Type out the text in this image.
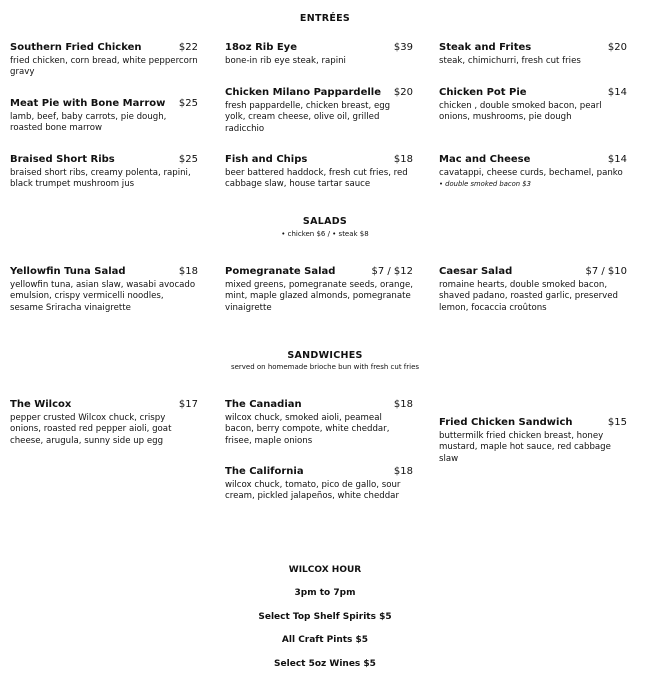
ENTRÉES
Southern Fried Chicken	$22
fried chicken, corn bread, white peppercorn gravy
18oz Rib Eye	$39
bone-in rib eye steak, rapini
Steak and Frites	$20
steak, chimichurri, fresh cut fries
Meat Pie with Bone Marrow	$25
lamb, beef, baby carrots, pie dough, roasted bone marrow
Chicken Milano Pappardelle	$20
fresh pappardelle, chicken breast, egg yolk, cream cheese, olive oil, grilled radicchio
Chicken Pot Pie	$14
chicken , double smoked bacon, pearl onions, mushrooms, pie dough
Braised Short Ribs	$25
braised short ribs, creamy polenta, rapini, black trumpet mushroom jus
Fish and Chips	$18
beer battered haddock, fresh cut fries, red cabbage slaw, house tartar sauce
Mac and Cheese	$14
cavatappi, cheese curds, bechamel, panko
• double smoked bacon $3
SALADS
• chicken $6 / • steak $8
Yellowfin Tuna Salad	$18
yellowfin tuna, asian slaw, wasabi avocado emulsion, crispy vermicelli noodles, sesame Sriracha vinaigrette
Pomegranate Salad	$7 / $12
mixed greens, pomegranate seeds, orange, mint, maple glazed almonds, pomegranate vinaigrette
Caesar Salad	$7 / $10
romaine hearts, double smoked bacon, shaved padano, roasted garlic, preserved lemon, focaccia croûtons
SANDWICHES
served on homemade brioche bun with fresh cut fries
The Wilcox	$17
pepper crusted Wilcox chuck, crispy onions, roasted red pepper aioli, goat cheese, arugula, sunny side up egg
The Canadian	$18
wilcox chuck, smoked aioli, peameal bacon, berry compote, white cheddar, frisee, maple onions
Fried Chicken Sandwich	$15
buttermilk fried chicken breast, honey mustard, maple hot sauce, red cabbage slaw
The California	$18
wilcox chuck, tomato, pico de gallo, sour cream, pickled jalapeños, white cheddar
WILCOX HOUR
3pm to 7pm
Select Top Shelf Spirits $5
All Craft Pints $5
Select 5oz Wines $5
